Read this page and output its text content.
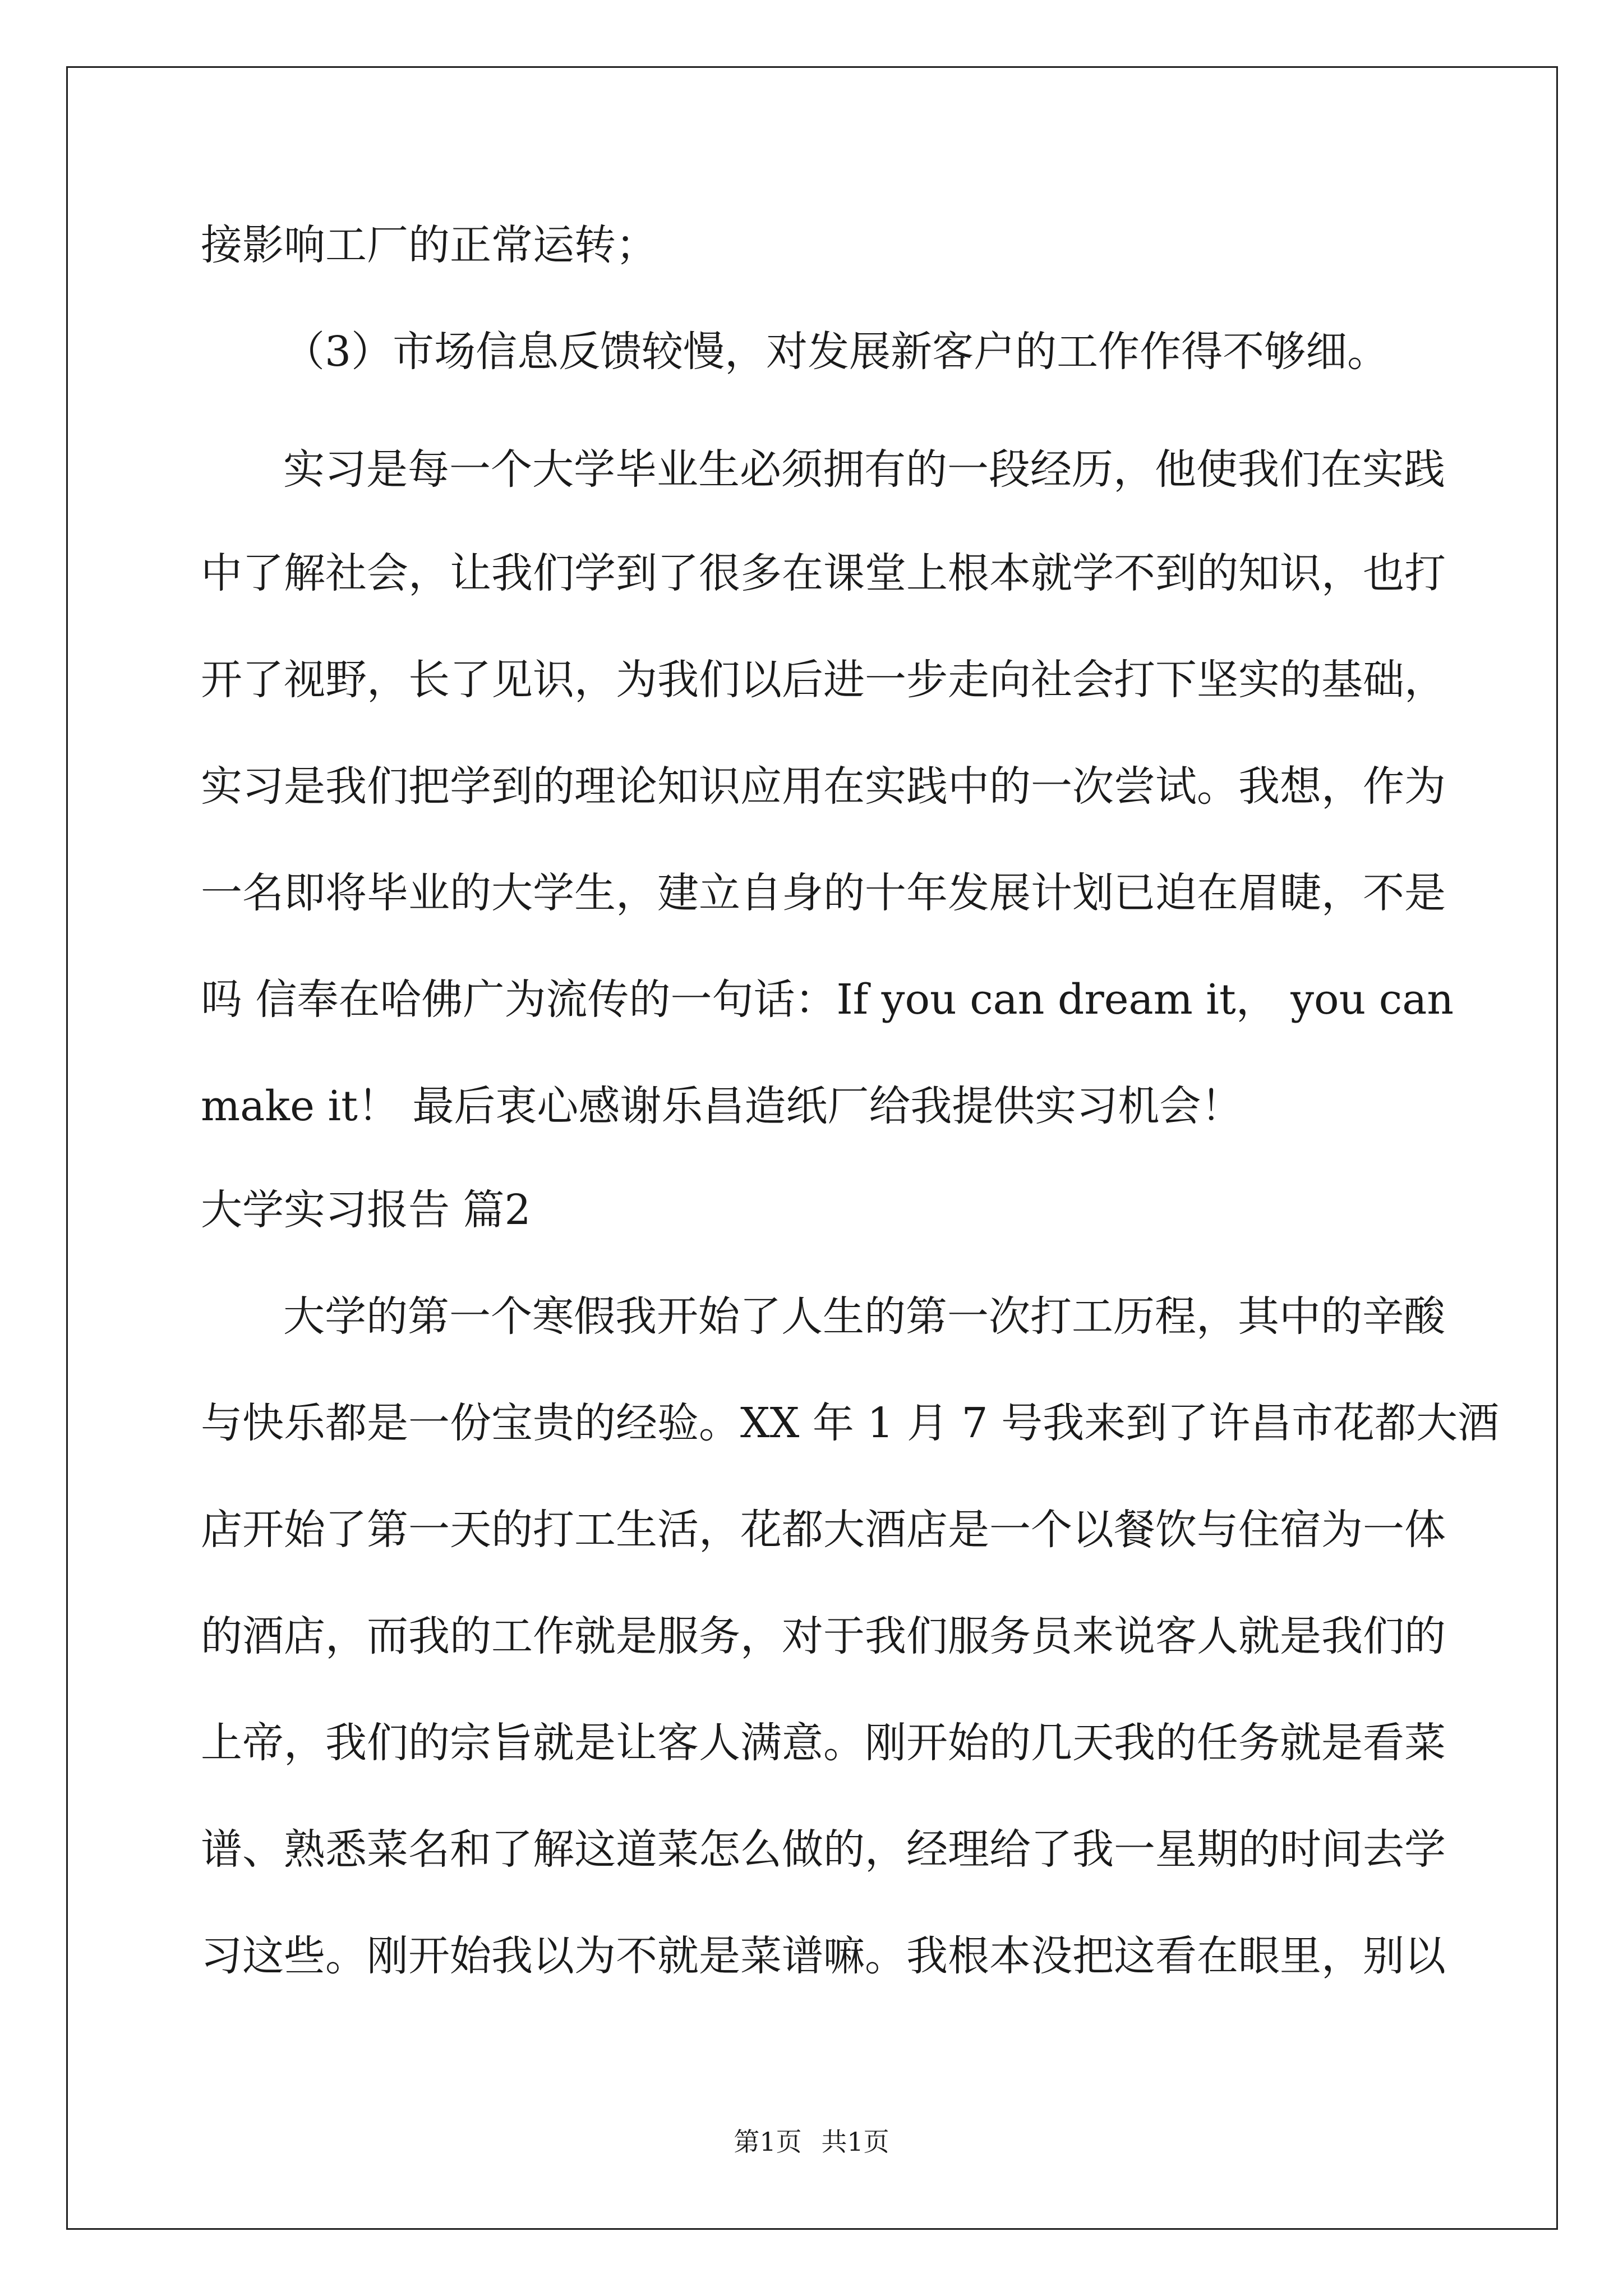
接影响工厂的正常运转；
（3）市场信息反馈较慢，对发展新客户的工作作得不够细。
实习是每一个大学毕业生必须拥有的一段经历，他使我们在实践
中了解社会，让我们学到了很多在课堂上根本就学不到的知识，也打
开了视野，长了见识，为我们以后进一步走向社会打下坚实的基础，
实习是我们把学到的理论知识应用在实践中的一次尝试。我想，作为
一名即将毕业的大学生，建立自身的十年发展计划已迫在眉睫，不是
吗 信奉在哈佛广为流传的一句话：If you can dream it， you can
make it！ 最后衷心感谢乐昌造纸厂给我提供实习机会！
大学实习报告 篇2
大学的第一个寒假我开始了人生的第一次打工历程，其中的辛酸
与快乐都是一份宝贵的经验。XX 年 1 月 7 号我来到了许昌市花都大酒
店开始了第一天的打工生活，花都大酒店是一个以餐饮与住宿为一体
的酒店，而我的工作就是服务，对于我们服务员来说客人就是我们的
上帝，我们的宗旨就是让客人满意。刚开始的几天我的任务就是看菜
谱、熟悉菜名和了解这道菜怎么做的，经理给了我一星期的时间去学
习这些。刚开始我以为不就是菜谱嘛。我根本没把这看在眼里，别以
第1页 共1页
